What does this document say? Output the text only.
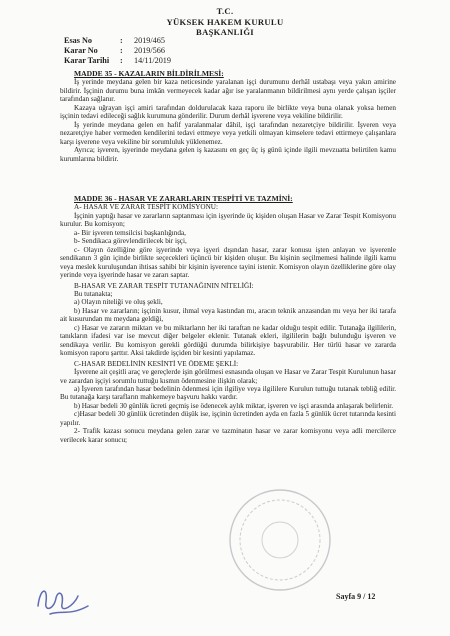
T.C.
YÜKSEK HAKEM KURULU
BAŞKANLIĞI
Esas No	:	2019/465
Karar No	:	2019/566
Karar Tarihi	:	14/11/2019

MADDE 35 - KAZALARIN BİLDİRİLMESİ:

İş yerinde meydana gelen bir kaza neticesinde yaralanan işçi durumunu derhâl ustabaşı veya yakın amirine bildirir. İşçinin durumu buna imkân vermeyecek kadar ağır ise yaralanmanın bildirilmesi aynı yerde çalışan işçiler tarafından sağlanır.

Kazaya uğrayan işçi amiri tarafından doldurulacak kaza raporu ile birlikte veya buna olanak yoksa hemen işçinin tedavi edileceği sağlık kurumuna gönderilir. Durum derhâl işverene veya vekiline bildirilir.

İş yerinde meydana gelen en hafif yaralanmalar dâhil, işçi tarafından nezaretçiye bildirilir. İşveren veya nezaretçiye haber vermeden kendilerini tedavi ettmeye veya yetkili olmayan kimselere tedavi ettirmeye çalışanlara karşı işverene veya vekiline bir sorumluluk yüklenemez.

Ayrıca; işveren, işyerinde meydana gelen iş kazasını en geç üç iş günü içinde ilgili mevzuatta belirtilen kamu kurumlarına bildirir.

MADDE 36 - HASAR VE ZARARLARIN TESPİTİ VE TAZMİNİ:

A- HASAR VE ZARAR TESPİT KOMİSYONU:

İşçinin yaptığı hasar ve zararların saptanması için işyerinde üç kişiden oluşan Hasar ve Zarar Tespit Komisyonu kurulur. Bu komisyon;

a- Bir işveren temsilcisi başkanlığında,

b- Sendikaca görevlendirilecek bir işçi,

c- Olayın özelliğine göre işyerinde veya işyeri dışından hasar, zarar konusu işten anlayan ve işverenle sendikanın 3 gün içinde birlikte seçecekleri üçüncü bir kişiden oluşur. Bu kişinin seçilmemesi halinde ilgili kamu veya meslek kuruluşundan ihtisas sahibi bir kişinin işverence tayini istenir. Komisyon olayın özelliklerine göre olay yerinde veya işyerinde hasar ve zararı saptar.

B-HASAR VE ZARAR TESPİT TUTANAĞININ NİTELİĞİ:

Bu tutanakta;

a) Olayın niteliği ve oluş şekli,

b) Hasar ve zararların; işçinin kusur, ihmal veya kastından mı, aracın teknik arızasından mı veya her iki tarafa ait kusurundan mı meydana geldiği,

c) Hasar ve zararın miktarı ve bu miktarların her iki taraftan ne kadar olduğu tespit edilir. Tutanağa ilgililerin, tanıkların ifadesi var ise mevcut diğer belgeler eklenir. Tutanak ekleri, ilgililerin bağlı bulunduğu işveren ve sendikaya verilir. Bu komisyon gerekli gördüğü durumda bilirkişiye başvurabilir. Her türlü hasar ve zararda komisyon raporu şarttır. Aksi takdirde işçiden bir kesinti yapılamaz.

C-HASAR BEDELİNİN KESİNTİ VE ÖDEME ŞEKLİ:

İşverene ait çeşitli araç ve gereçlerde işin görülmesi esnasında oluşan ve Hasar ve Zarar Tespit Kurulunun hasar ve zarardan işçiyi sorumlu tuttuğu kısmın ödenmesine ilişkin olarak;

a) İşveren tarafından hasar bedelinin ödenmesi için ilgiliye veya ilgililere Kurulun tuttuğu tutanak tebliğ edilir. Bu tutanağa karşı tarafların mahkemeye başvuru hakkı vardır.

b) Hasar bedeli 30 günlük ücreti geçmiş ise ödenecek aylık miktar, işveren ve işçi arasında anlaşarak belirlenir.

c)Hasar bedeli 30 günlük ücretinden düşük ise, işçinin ücretinden ayda en fazla 5 günlük ücret tutarında kesinti yapılır.

2- Trafik kazası sonucu meydana gelen zarar ve tazminatın hasar ve zarar komisyonu veya adli mercilerce verilecek karar sonucu;

Sayfa 9 / 12
